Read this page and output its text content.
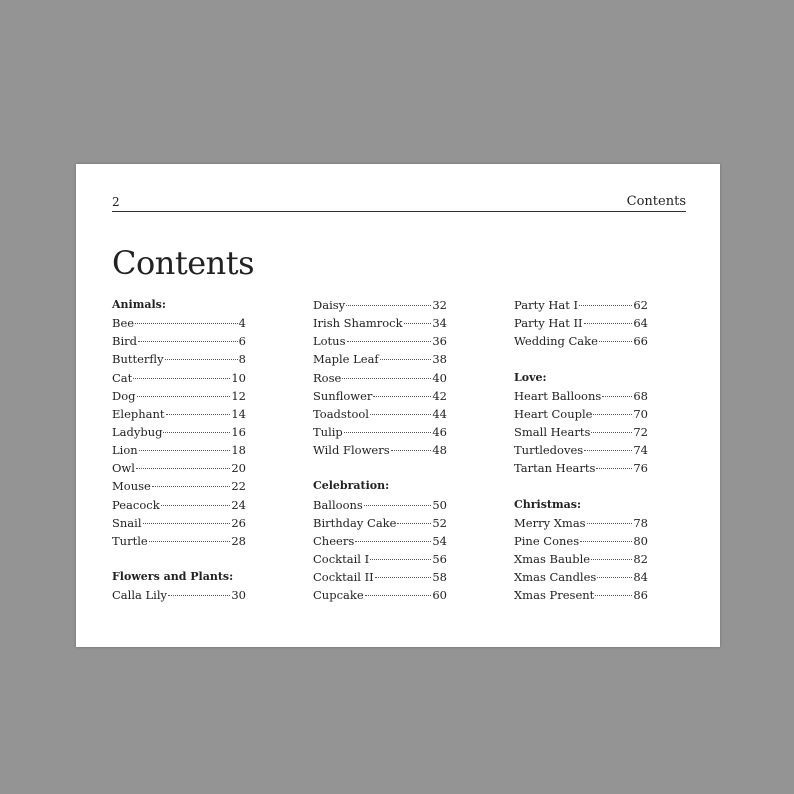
2	Contents
Contents
Animals:
Bee	4
Bird	6
Butterfly	8
Cat	10
Dog	12
Elephant	14
Ladybug	16
Lion	18
Owl	20
Mouse	22
Peacock	24
Snail	26
Turtle	28
Flowers and Plants:
Calla Lily	30
Daisy	32
Irish Shamrock	34
Lotus	36
Maple Leaf	38
Rose	40
Sunflower	42
Toadstool	44
Tulip	46
Wild Flowers	48
Celebration:
Balloons	50
Birthday Cake	52
Cheers	54
Cocktail I	56
Cocktail II	58
Cupcake	60
Party Hat I	62
Party Hat II	64
Wedding Cake	66
Love:
Heart Balloons	68
Heart Couple	70
Small Hearts	72
Turtledoves	74
Tartan Hearts	76
Christmas:
Merry Xmas	78
Pine Cones	80
Xmas Bauble	82
Xmas Candles	84
Xmas Present	86
